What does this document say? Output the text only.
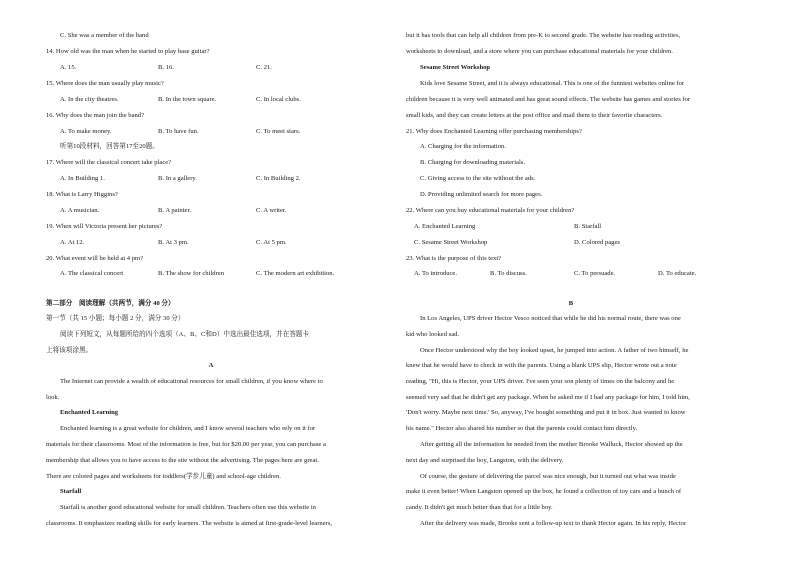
C. She was a member of the band
14. How old was the man when he started to play base guitar?
A. 15.	B. 16.	C. 21.
15. Where does the man usually play music?
A. In the city theatres.	B. In the town square.	C. In local clubs.
16. Why does the man join the band?
A. To make money.	B. To have fun.	C. To meet stars.
听第10段材料，回答第17至20题。
17. Where will the classical concert take place?
A. In Building 1.	B. In a gallery.	C. In Building 2.
18. What is Larry Higgins?
A. A musician.	B. A painter.	C. A writer.
19. When will Victoria present her pictures?
A. At 12.	B. At 3 pm.	C. At 5 pm.
20. What event will be held at 4 pm?
A. The classical concert	B. The show for children	C. The modern art exhibition.
第二部分　阅读理解（共两节，满分 40 分）
第一节（共 15 小题；每小题 2 分，满分 30 分）
阅读下列短文，从每题所给的四个选项（A、B、C和D）中选出最佳选项，并在答题卡
上将该项涂黑。
A
The Internet can provide a wealth of educational resources for small children, if you know where to
look.
Enchanted Learning
Enchanted learning is a great website for children, and I know several teachers who rely on it for
materials for their classrooms. Most of the information is free, but for $20.00 per year, you can purchase a
membership that allows you to have access to the site without the advertising. The pages here are great.
There are colored pages and worksheets for toddlers(学步儿童) and school-age children.
Starfall
Starfall is another good educational website for small children. Teachers often use this website in
classrooms. It emphasizes reading skills for early learners. The website is aimed at first-grade-level learners,
but it has tools that can help all children from pre-K to second grade. The website has reading activities,
worksheets to download, and a store where you can purchase educational materials for your children.
Sesame Street Workshop
Kids love Sesame Street, and it is always educational. This is one of the funniest websites online for
children because it is very well animated and has great sound effects. The website has games and stories for
small kids, and they can create letters at the post office and mail them to their favorite characters.
21. Why does Enchanted Learning offer purchasing memberships?
A. Charging for the information.
B. Charging for downloading materials.
C. Giving access to the site without the ads.
D. Providing unlimited search for more pages.
22. Where can you buy educational materials for your children?
A. Enchanted Learning	B. Starfall
C. Sesame Street Workshop	D. Colored pages
23. What is the purpose of this text?
A. To introduce.	B. To discuss.	C. To persuade.	D. To educate.
B
In Los Angeles, UPS driver Hector Vesco noticed that while he did his normal route, there was one
kid who looked sad.
Once Hector understood why the boy looked upset, he jumped into action. A father of two himself, he
knew that he would have to check in with the parents. Using a blank UPS slip, Hector wrote out a note
reading, "Hi, this is Hector, your UPS driver. I've seen your son plenty of times on the balcony and he
seemed very sad that he didn't get any package. When he asked me if I had any package for him, I told him,
'Don't worry. Maybe next time.' So, anyway, I've bought something and put it in box. Just wanted to know
his name." Hector also shared his number so that the parents could contact him directly.
After getting all the information he needed from the mother Brooke Walluck, Hector showed up the
next day and surprised the boy, Langston, with the delivery.
Of course, the gesture of delivering the parcel was nice enough, but it turned out what was inside
make it even better! When Langston opened up the box, he found a collection of toy cars and a bunch of
candy. It didn't get much better than that for a little boy.
After the delivery was made, Brooke sent a follow-up text to thank Hector again. In his reply, Hector
